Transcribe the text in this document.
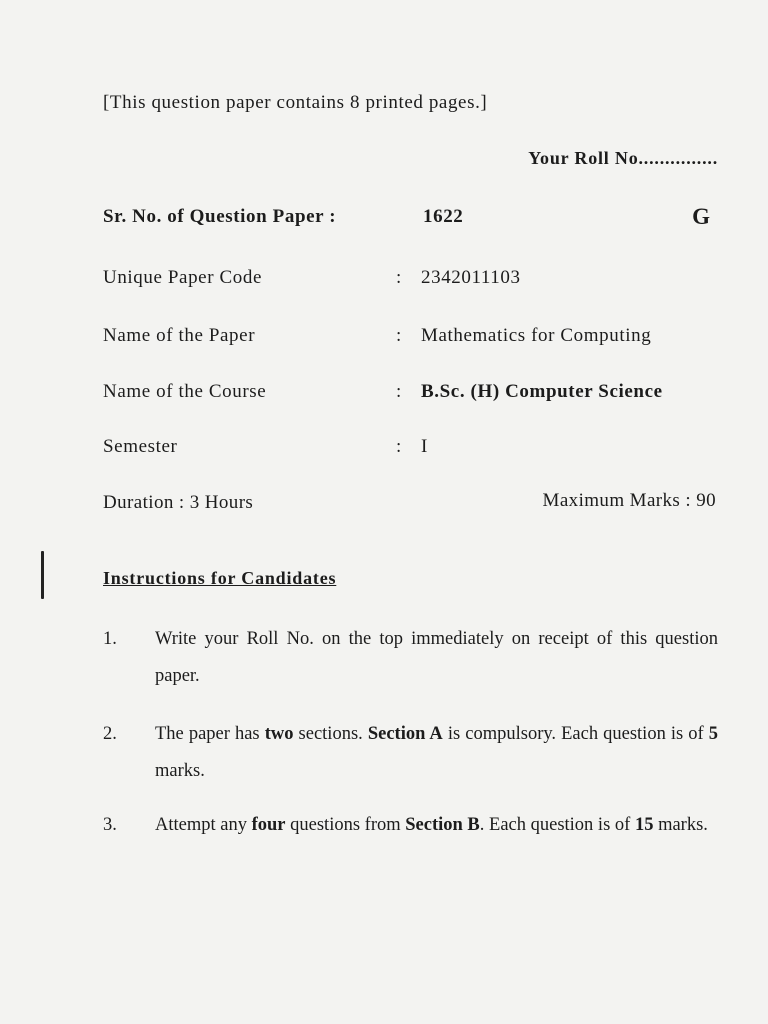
[This question paper contains 8 printed pages.]
Your Roll No...............
Sr. No. of Question Paper :	1622	G
Unique Paper Code	: 2342011103
Name of the Paper	: Mathematics for Computing
Name of the Course	: B.Sc. (H) Computer Science
Semester	: I
Duration : 3 Hours	Maximum Marks : 90
Instructions for Candidates
1. Write your Roll No. on the top immediately on receipt of this question paper.
2. The paper has two sections. Section A is compulsory. Each question is of 5 marks.
3. Attempt any four questions from Section B. Each question is of 15 marks.
